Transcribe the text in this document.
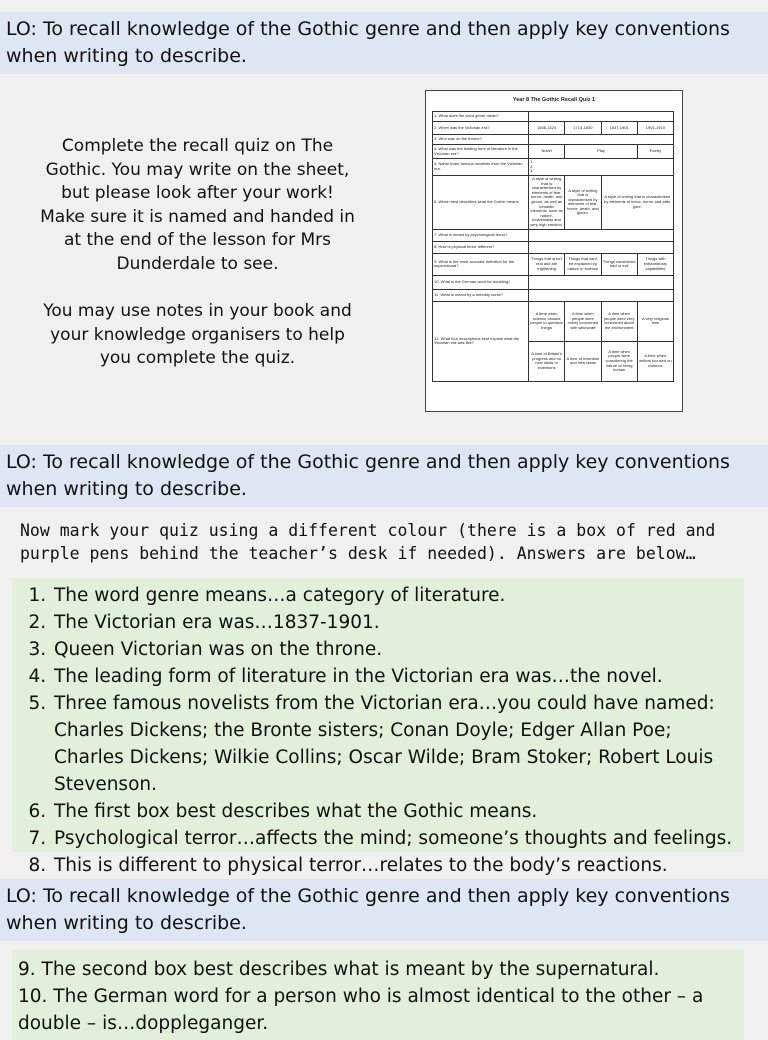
LO: To recall knowledge of the Gothic genre and then apply key conventions when writing to describe.

Complete the recall quiz on The Gothic. You may write on the sheet, but please look after your work! Make sure it is named and handed in at the end of the lesson for Mrs Dunderdale to see.

You may use notes in your book and your knowledge organisers to help you complete the quiz.

Year 8 The Gothic Recall Quiz 1
1. What does the word genre mean?				
2. When was the Victorian era?	1558-1524	1714-1830	1837-1901	1901-1910
3. Who was on the throne?				
4. What was the leading form of literature in the Victorian era?	Novel	Play		Poetry
5. Name three famous novelists from the Victorian era.	1.
2.
3.			
6. Which best describes what the Gothic means.	A style of writing that is characterised by elements of fear, horror, death, and gloom, as well as romantic elements, such as nature, individuality and very high emotion.	A style of writing that is characterised by elements of fear, horror, death, and gloom.	A style of writing that is characterised by elements of terror, horror and after gore.	
7. What is meant by psychological terror?				
8. How is physical terror different?				
9. What is the most accurate definition for the supernatural?	Things that aren't real and are frightening	Things that can't be explained by nature or science	Things considered bad or evil	Things with extraordinary capabilities
10. What is the German word for doubling?				
11. What is meant by a heredity curse?				
12. What four descriptions best explain what the Victorian era was like?	A time when science caused people to question things	A time when people were overly concerned with witchcraft	A time when people were very concerned about the environment	A very religious time
	A time of Britain's progress and no new ideas or inventions	A time of invention and new ideas	A time when people were considering the nature of being human	A time when writers focused on violence
LO: To recall knowledge of the Gothic genre and then apply key conventions when writing to describe.
Now mark your quiz using a different colour (there is a box of red and purple pens behind the teacher’s desk if needed). Answers are below…
1. The word genre means…a category of literature.
2. The Victorian era was…1837-1901.
3. Queen Victorian was on the throne.
4. The leading form of literature in the Victorian era was…the novel.
5. Three famous novelists from the Victorian era…you could have named: Charles Dickens; the Bronte sisters; Conan Doyle; Edger Allan Poe; Charles Dickens; Wilkie Collins; Oscar Wilde; Bram Stoker; Robert Louis Stevenson.
6. The first box best describes what the Gothic means.
7. Psychological terror…affects the mind; someone’s thoughts and feelings.
8. This is different to physical terror…relates to the body’s reactions.
LO: To recall knowledge of the Gothic genre and then apply key conventions when writing to describe.
9. The second box best describes what is meant by the supernatural.
10. The German word for a person who is almost identical to the other – a double – is…doppleganger.
